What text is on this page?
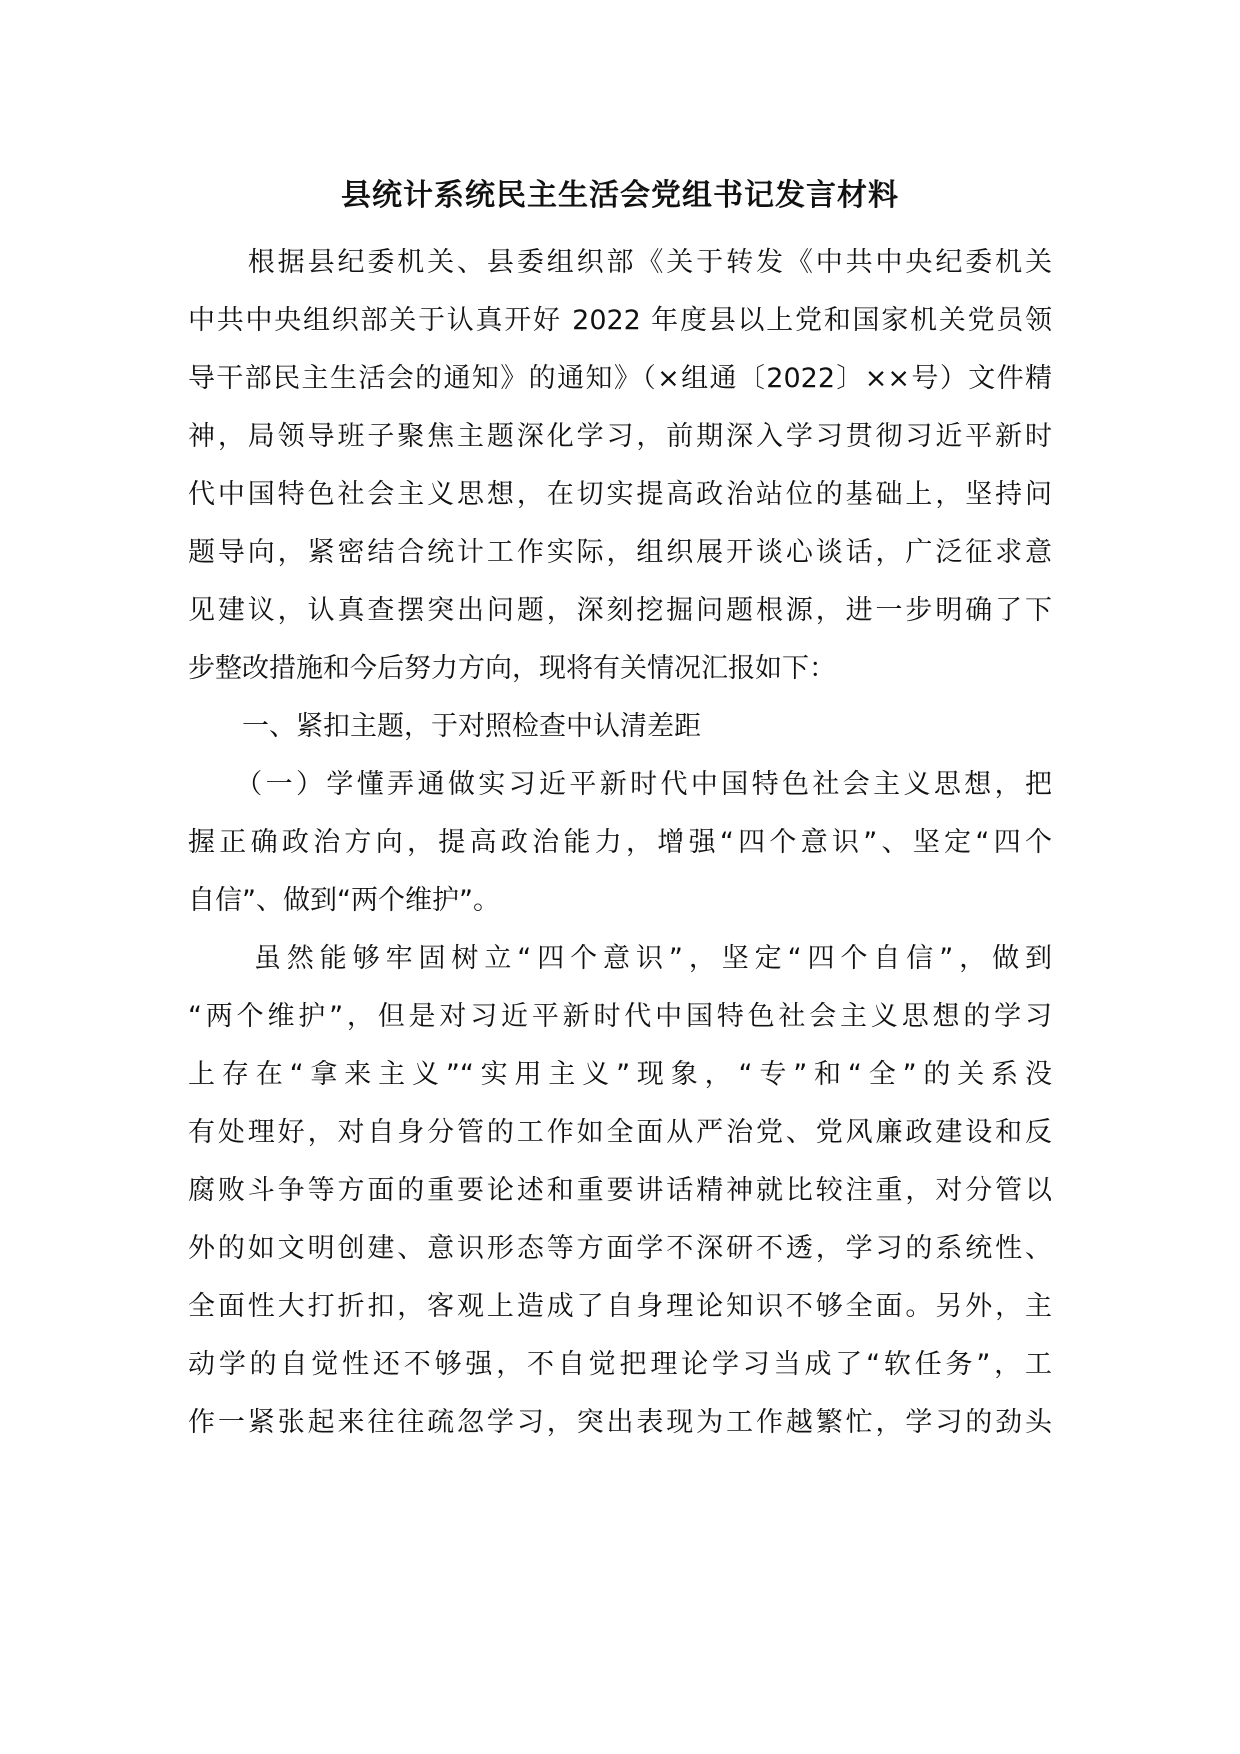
县统计系统民主生活会党组书记发言材料
　　根据县纪委机关、县委组织部《关于转发《中共中央纪委机关
中共中央组织部关于认真开好 2022 年度县以上党和国家机关党员领
导干部民主生活会的通知》的通知》（×组通〔2022〕××号）文件精
神，局领导班子聚焦主题深化学习，前期深入学习贯彻习近平新时
代中国特色社会主义思想，在切实提高政治站位的基础上，坚持问
题导向，紧密结合统计工作实际，组织展开谈心谈话，广泛征求意
见建议，认真查摆突出问题，深刻挖掘问题根源，进一步明确了下
步整改措施和今后努力方向，现将有关情况汇报如下：
　　一、紧扣主题，于对照检查中认清差距
　　（一）学懂弄通做实习近平新时代中国特色社会主义思想，把
握正确政治方向，提高政治能力，增强“四个意识”、坚定“四个
自信”、做到“两个维护”。
　　虽然能够牢固树立“四个意识”，坚定“四个自信”，做到
“两个维护”，但是对习近平新时代中国特色社会主义思想的学习
上存在“拿来主义”“实用主义”现象，“专”和“全”的关系没
有处理好，对自身分管的工作如全面从严治党、党风廉政建设和反
腐败斗争等方面的重要论述和重要讲话精神就比较注重，对分管以
外的如文明创建、意识形态等方面学不深研不透，学习的系统性、
全面性大打折扣，客观上造成了自身理论知识不够全面。另外，主
动学的自觉性还不够强，不自觉把理论学习当成了“软任务”，工
作一紧张起来往往疏忽学习，突出表现为工作越繁忙，学习的劲头
